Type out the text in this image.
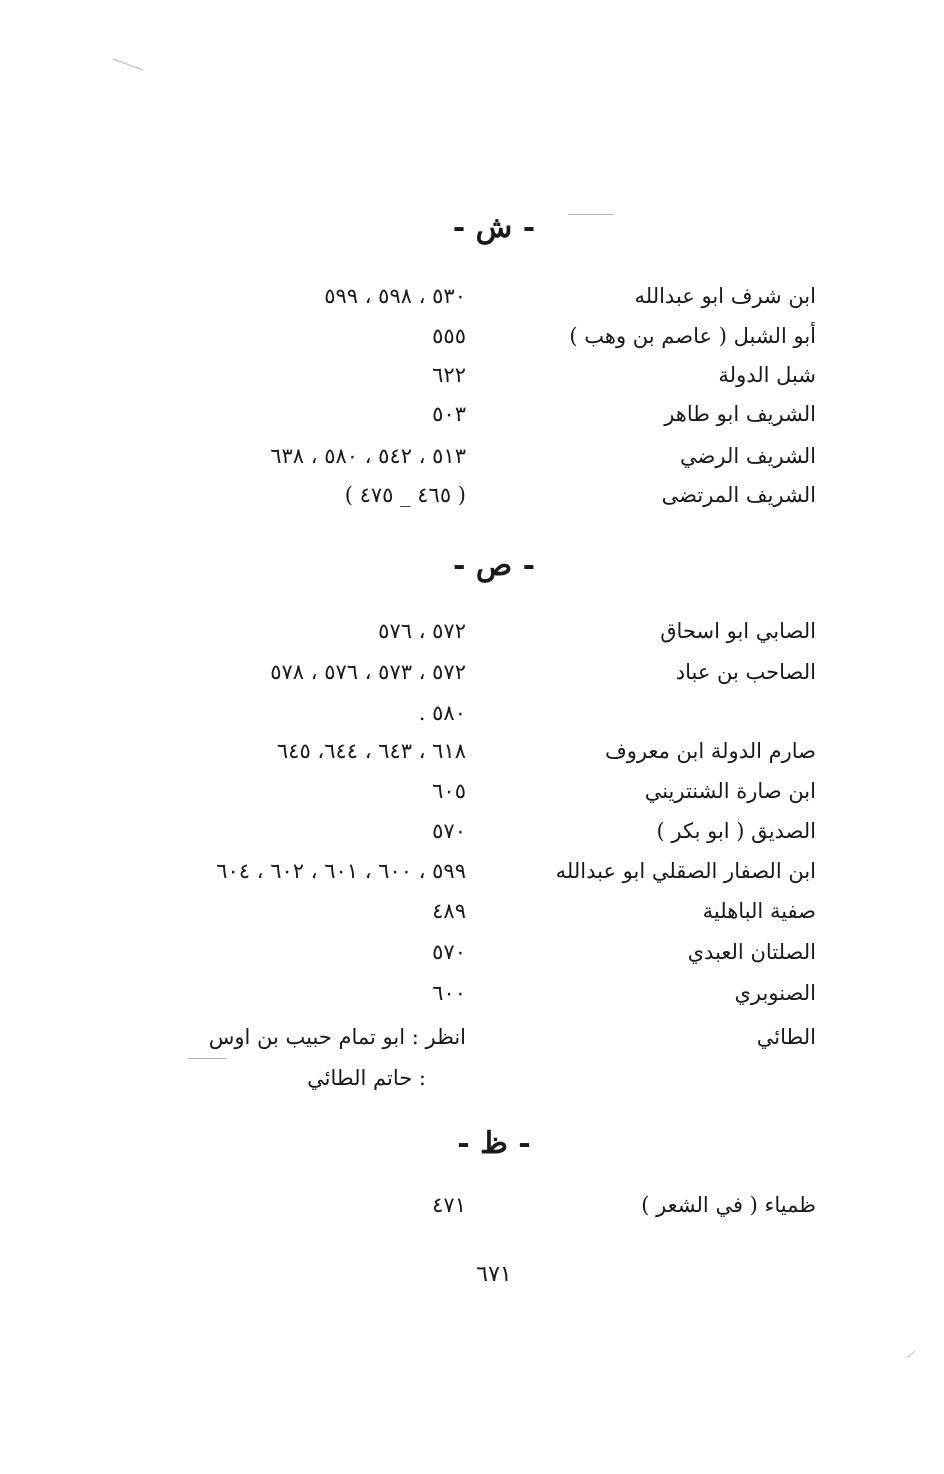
- ش -
ابن شرف ابو عبدالله
٥٣٠ ، ٥٩٨ ، ٥٩٩
أبو الشبل ( عاصم بن وهب )
٥٥٥
شبل الدولة
٦٢٢
الشريف ابو طاهر
٥٠٣
الشريف الرضي
٥١٣ ، ٥٤٢ ، ٥٨٠ ، ٦٣٨
الشريف المرتضى
( ٤٦٥ _ ٤٧٥ )
- ص -
الصابي ابو اسحاق
٥٧٢ ، ٥٧٦
الصاحب بن عباد
٥٧٢ ، ٥٧٣ ، ٥٧٦ ، ٥٧٨
٥٨٠ .
صارم الدولة ابن معروف
٦١٨ ، ٦٤٣ ، ٦٤٤، ٦٤٥
ابن صارة الشنتريني
٦٠٥
الصديق ( ابو بكر )
٥٧٠
ابن الصفار الصقلي ابو عبدالله
٥٩٩ ، ٦٠٠ ، ٦٠١ ، ٦٠٢ ، ٦٠٤
صفية الباهلية
٤٨٩
الصلتان العبدي
٥٧٠
الصنوبري
٦٠٠
الطائي
انظر : ابو تمام حبيب بن اوس
: حاتم الطائي
- ظ -
ظمياء ( في الشعر )
٤٧١
٦٧١
